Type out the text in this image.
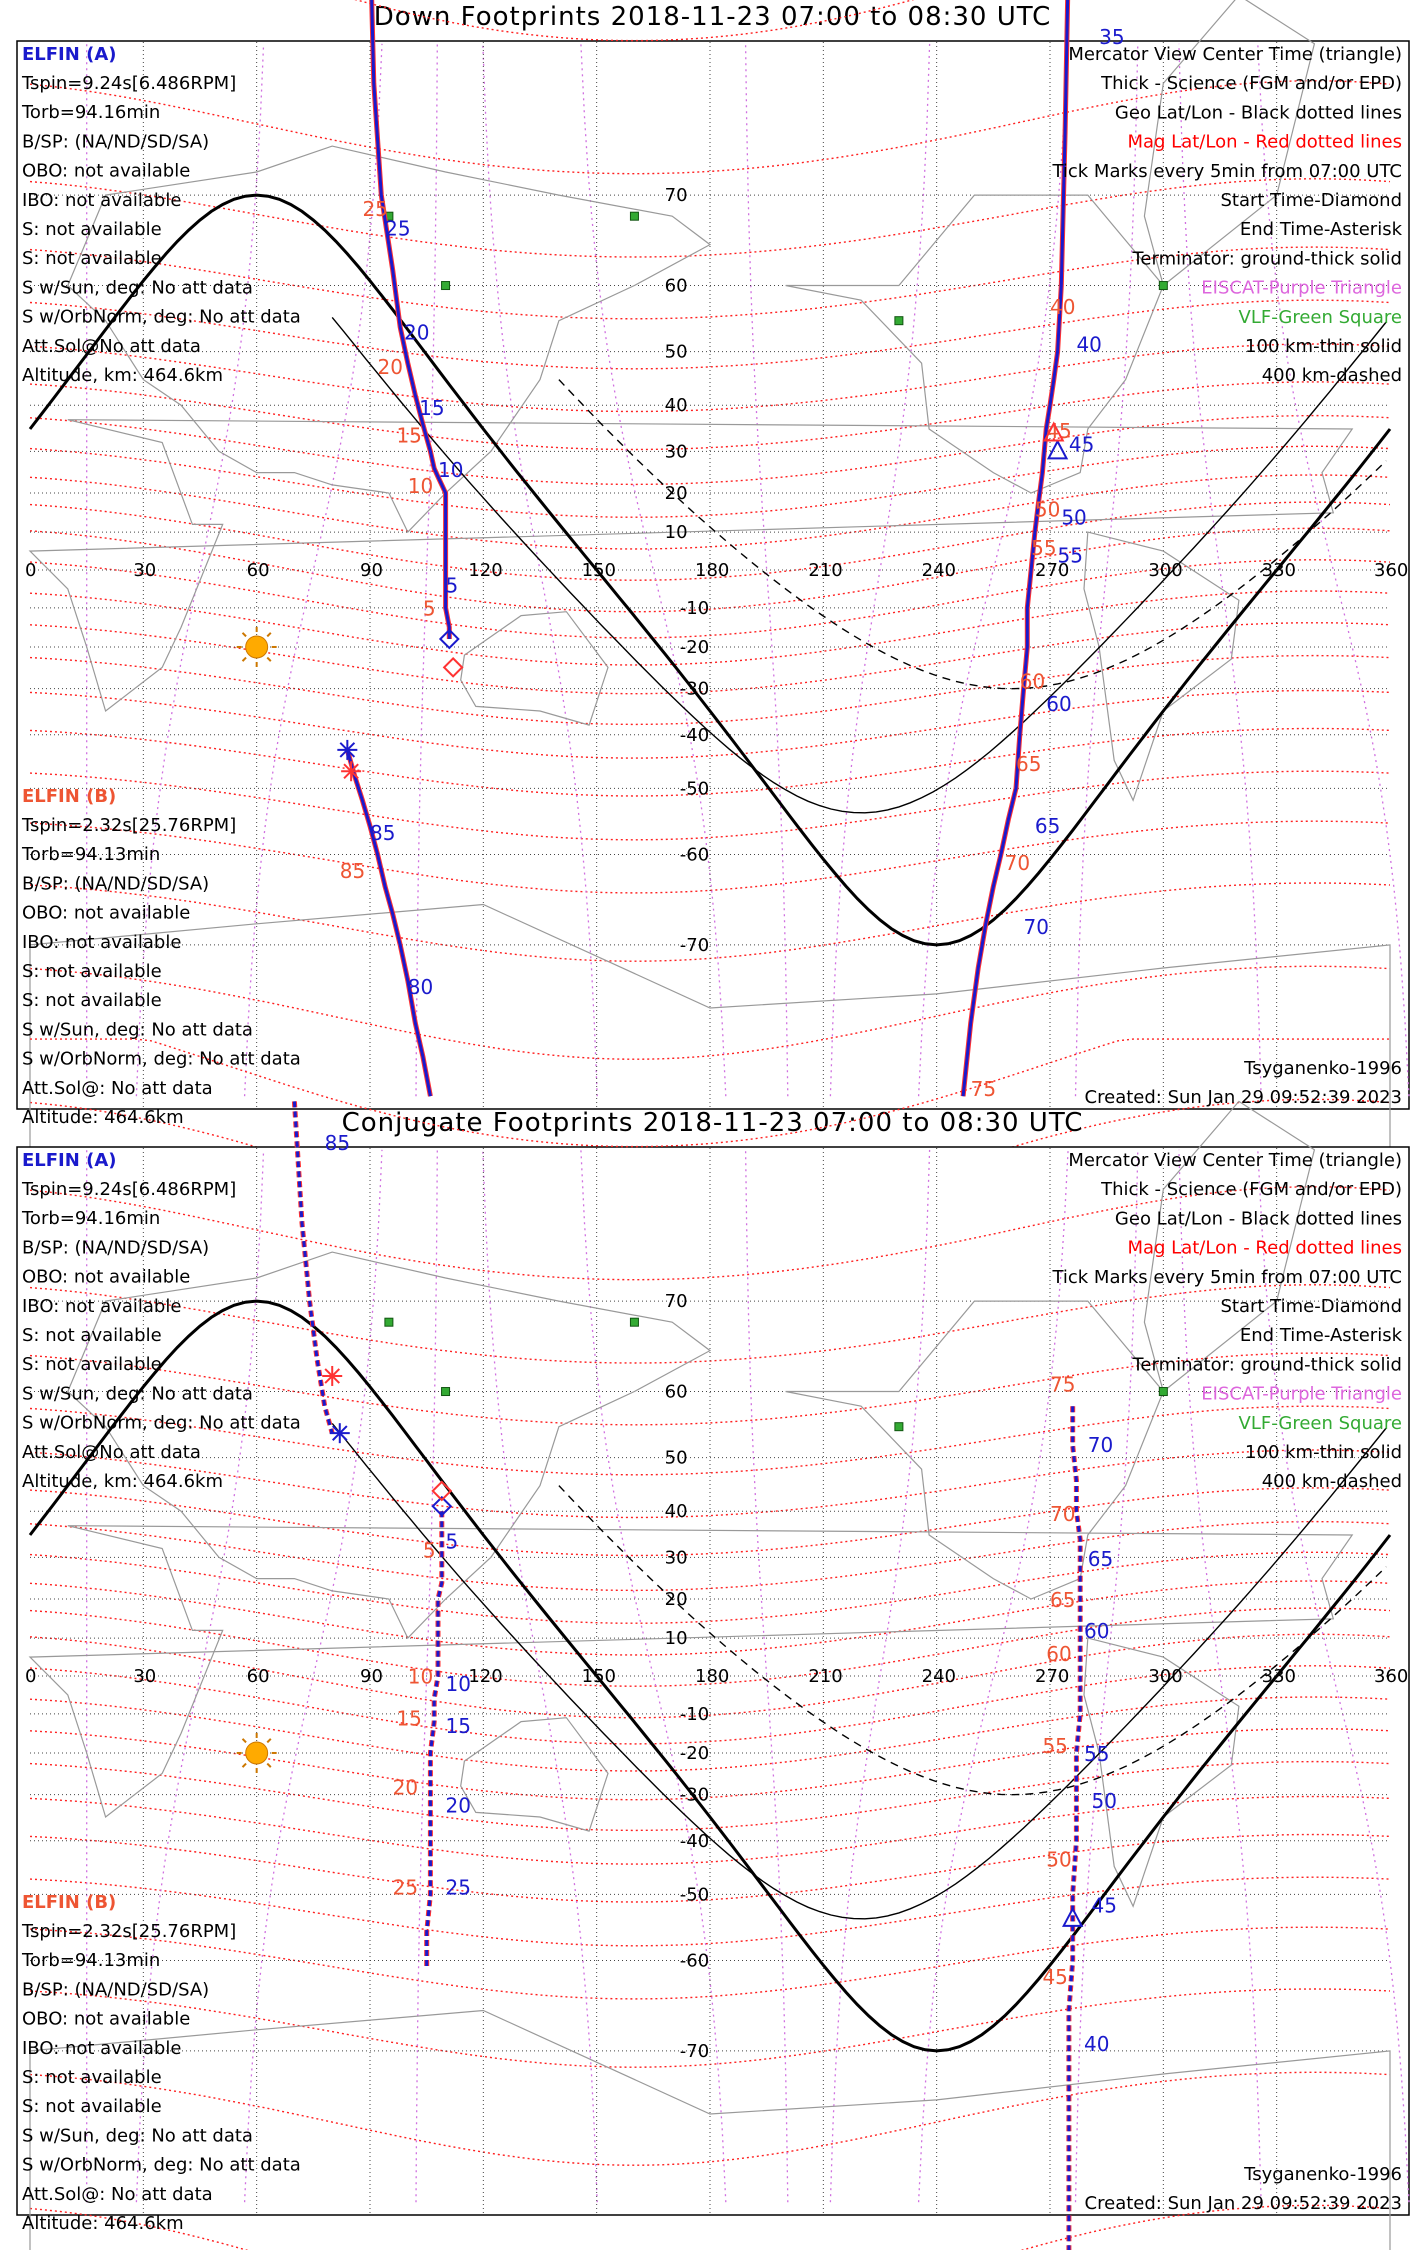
Down Footprints 2018-11-23 07:00 to 08:30 UTC
0	30	60	90	120	150	180	210	240	270	300	330	360
70
60
50
40
30
20
10
-10
-20
-30
-40
-50
-60
-70
25
20
15
10
5
35
40
45
50
55
60
65
70
25
20
15
10
5
40
45
50
55
60
65
70
75
85
80
85
ELFIN (A)
Tspin=9.24s[6.486RPM]
Torb=94.16min
B/SP: (NA/ND/SD/SA)
OBO: not available
IBO: not available
S: not available
S: not available
S w/Sun, deg: No att data
S w/OrbNorm, deg: No att data
Att.Sol@No att data
Altitude, km: 464.6km
ELFIN (B)
Tspin=2.32s[25.76RPM]
Torb=94.13min
B/SP: (NA/ND/SD/SA)
OBO: not available
IBO: not available
S: not available
S: not available
S w/Sun, deg: No att data
S w/OrbNorm, deg: No att data
Att.Sol@: No att data
Altitude: 464.6km
Mercator View Center Time (triangle)
Thick - Science (FGM and/or EPD)
Geo Lat/Lon - Black dotted lines
Mag Lat/Lon - Red dotted lines
Tick Marks every 5min from 07:00 UTC
Start Time-Diamond
End Time-Asterisk
Terminator: ground-thick solid
EISCAT-Purple Triangle
VLF-Green Square
100 km-thin solid
400 km-dashed
Tsyganenko-1996
Created: Sun Jan 29 09:52:39 2023
Conjugate Footprints 2018-11-23 07:00 to 08:30 UTC
0	30	60	90	120	150	180	210	240	270	300	330	360
70
60
50
40
30
20
10
-10
-20
-30
-40
-50
-60
-70
85
5
10
15
20
25
70
65
60
55
50
45
40
5
10
15
20
25
75
70
65
60
55
50
45
ELFIN (A)
Tspin=9.24s[6.486RPM]
Torb=94.16min
B/SP: (NA/ND/SD/SA)
OBO: not available
IBO: not available
S: not available
S: not available
S w/Sun, deg: No att data
S w/OrbNorm, deg: No att data
Att.Sol@No att data
Altitude, km: 464.6km
ELFIN (B)
Tspin=2.32s[25.76RPM]
Torb=94.13min
B/SP: (NA/ND/SD/SA)
OBO: not available
IBO: not available
S: not available
S: not available
S w/Sun, deg: No att data
S w/OrbNorm, deg: No att data
Att.Sol@: No att data
Altitude: 464.6km
Mercator View Center Time (triangle)
Thick - Science (FGM and/or EPD)
Geo Lat/Lon - Black dotted lines
Mag Lat/Lon - Red dotted lines
Tick Marks every 5min from 07:00 UTC
Start Time-Diamond
End Time-Asterisk
Terminator: ground-thick solid
EISCAT-Purple Triangle
VLF-Green Square
100 km-thin solid
400 km-dashed
Tsyganenko-1996
Created: Sun Jan 29 09:52:39 2023
